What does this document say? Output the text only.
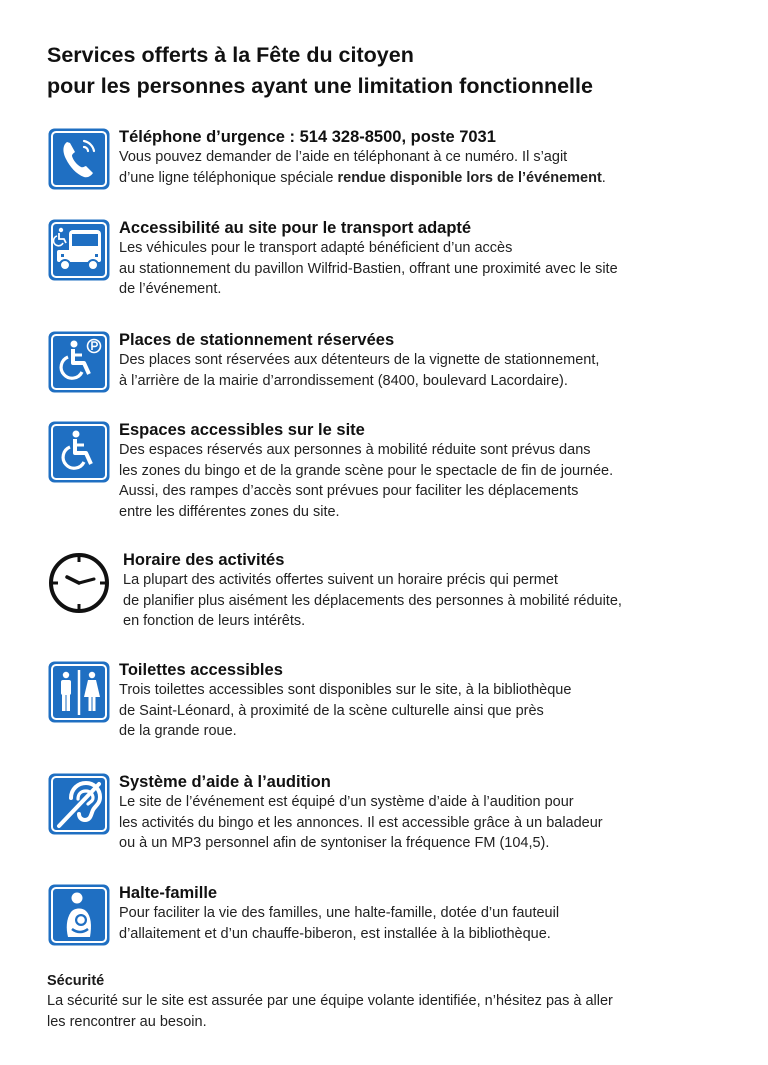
Services offerts à la Fête du citoyen
pour les personnes ayant une limitation fonctionnelle
Téléphone d’urgence : 514 328-8500, poste 7031
Vous pouvez demander de l’aide en téléphonant à ce numéro. Il s’agit
d’une ligne téléphonique spéciale rendue disponible lors de l’événement.
Accessibilité au site pour le transport adapté
Les véhicules pour le transport adapté bénéficient d’un accès
au stationnement du pavillon Wilfrid-Bastien, offrant une proximité avec le site
de l’événement.
Places de stationnement réservées
Des places sont réservées aux détenteurs de la vignette de stationnement,
à l’arrière de la mairie d’arrondissement (8400, boulevard Lacordaire).
Espaces accessibles sur le site
Des espaces réservés aux personnes à mobilité réduite sont prévus dans
les zones du bingo et de la grande scène pour le spectacle de fin de journée.
Aussi, des rampes d’accès sont prévues pour faciliter les déplacements
entre les différentes zones du site.
Horaire des activités
La plupart des activités offertes suivent un horaire précis qui permet
de planifier plus aisément les déplacements des personnes à mobilité réduite,
en fonction de leurs intérêts.
Toilettes accessibles
Trois toilettes accessibles sont disponibles sur le site, à la bibliothèque
de Saint-Léonard, à proximité de la scène culturelle ainsi que près
de la grande roue.
Système d’aide à l’audition
Le site de l’événement est équipé d’un système d’aide à l’audition pour
les activités du bingo et les annonces. Il est accessible grâce à un baladeur
ou à un MP3 personnel afin de syntoniser la fréquence FM (104,5).
Halte-famille
Pour faciliter la vie des familles, une halte-famille, dotée d’un fauteuil
d’allaitement et d’un chauffe-biberon, est installée à la bibliothèque.
Sécurité
La sécurité sur le site est assurée par une équipe volante identifiée, n’hésitez pas à aller
les rencontrer au besoin.
